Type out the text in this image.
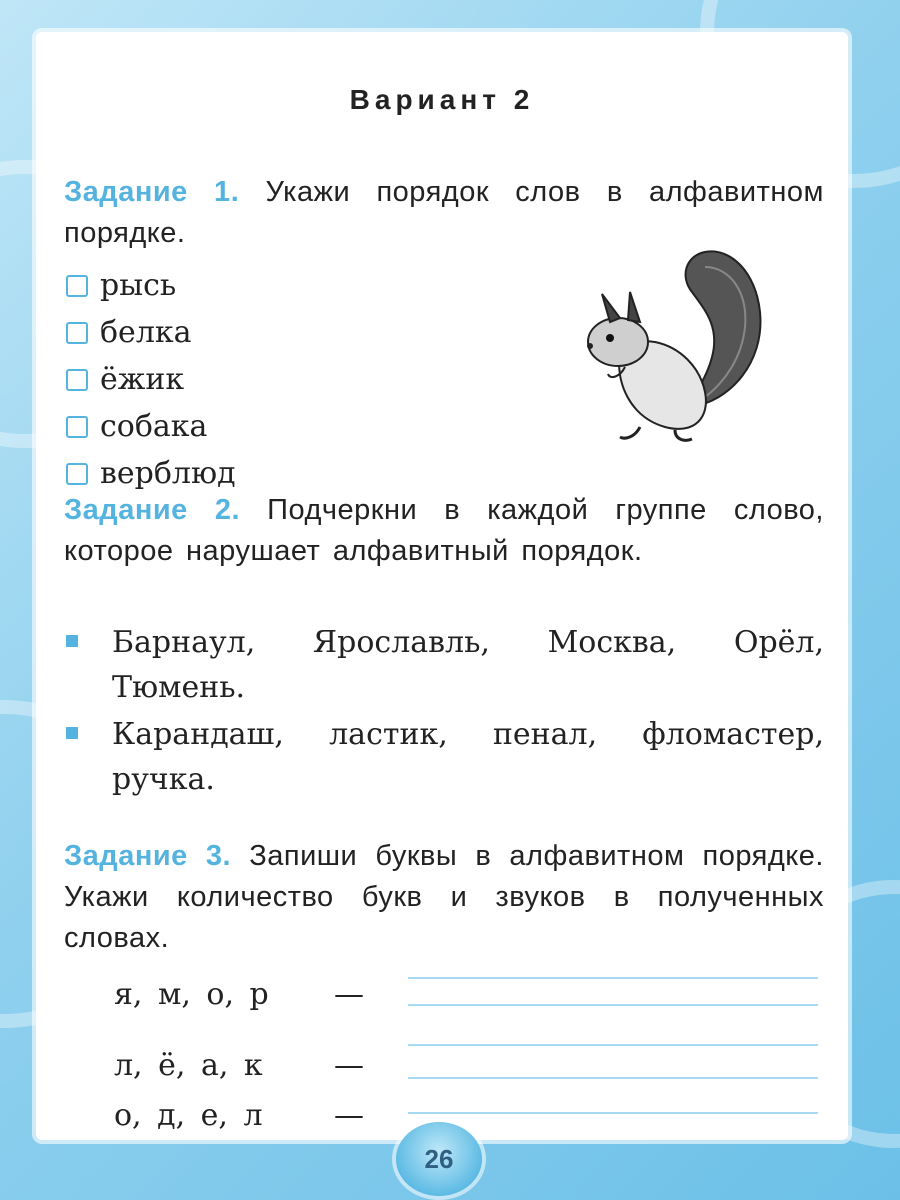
Вариант 2
Задание 1. Укажи порядок слов в алфавитном порядке.
рысь
белка
ёжик
собака
верблюд
Задание 2. Подчеркни в каждой группе слово, которое нарушает алфавитный порядок.
Барнаул, Ярославль, Москва, Орёл, Тюмень.
Карандаш, ластик, пенал, фломастер, ручка.
Задание 3. Запиши буквы в алфавитном порядке. Укажи количество букв и звуков в полученных словах.
я, м, о, р	—
л, ё, а, к	—
о, д, е, л	—
26
